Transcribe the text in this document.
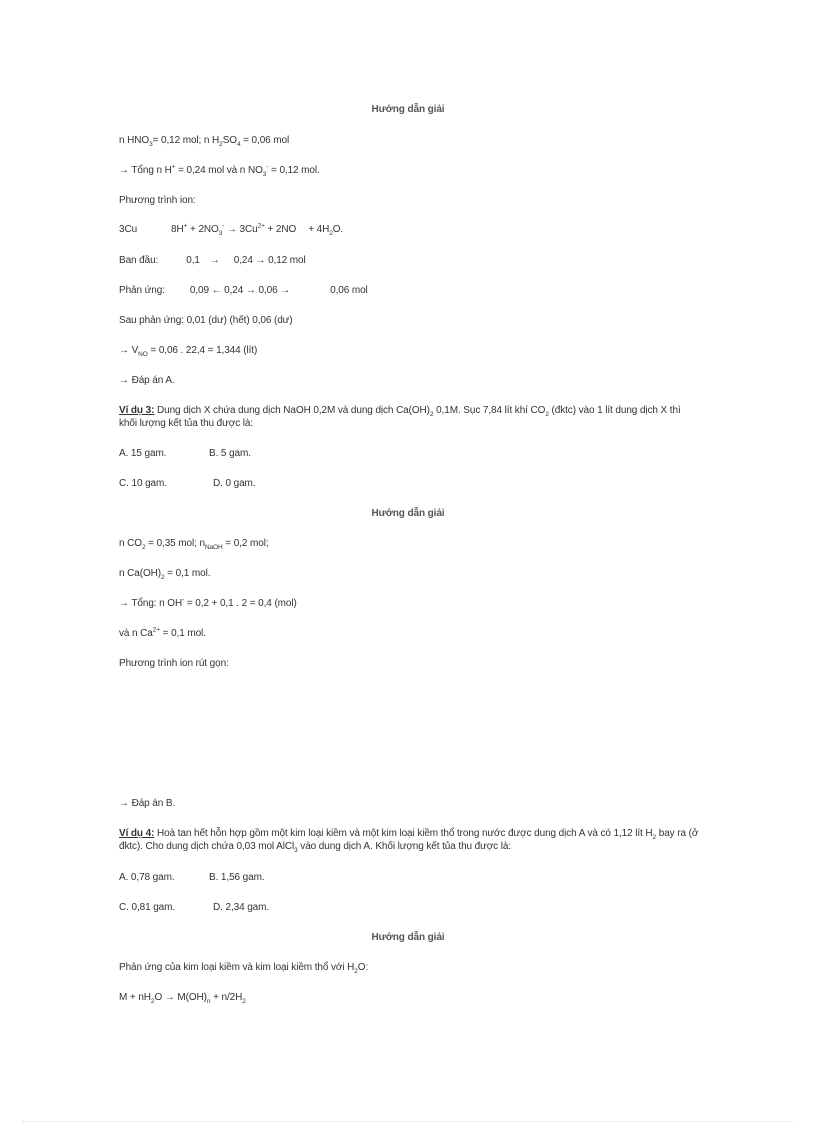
Hướng dẫn giải
n $HNO_3= 0,12$ mol; n $H_2SO_4 = 0,06$ mol
→ Tổng n H+ = 0,24 mol và n $NO_3^- = 0,12$ mol.
Phương trình ion:
3Cu	$8H^+ + 2NO_3^- \to 3Cu^{2+} + 2NO + 4H_2O$.
Ban đầu:	0,1 → 0,24 → 0,12 mol
Phản ứng:	0,09 ← 0,24 → 0,06 →	0,06 mol
Sau phản ứng: 0,01 (dư) (hết) 0,06 (dư)
→ $V_{NO} = 0,06$ . 22,4 = 1,344 (lít)
→ Đáp án A.
Ví dụ 3: Dung dịch X chứa dung dịch NaOH 0,2M và dung dịch $Ca(OH)_2$ 0,1M. Sục 7,84 lít khí $CO_2$ (đktc) vào 1 lít dung dịch X thì khối lượng kết tủa thu được là:
A. 15 gam.	B. 5 gam.
C. 10 gam.	D. 0 gam.
Hướng dẫn giải
n $CO_2 = 0,35$ mol; $n_{NaOH} = 0,2$ mol;
n $Ca(OH)_2 = 0,1$ mol.
→ Tổng: n OH- = 0,2 + 0,1 . 2 = 0,4 (mol)
và n $Ca^{2+} = 0,1$ mol.
Phương trình ion rút gọn:
→ Đáp án B.
Ví dụ 4: Hoà tan hết hỗn hợp gồm một kim loại kiềm và một kim loại kiềm thổ trong nước được dung dịch A và có 1,12 lít $H_2$ bay ra (ở đktc). Cho dung dịch chứa 0,03 mol AlCl$_3$ vào dung dịch A. Khối lượng kết tủa thu được là:
A. 0,78 gam.	B. 1,56 gam.
C. 0,81 gam.	D. 2,34 gam.
Hướng dẫn giải
Phản ứng của kim loại kiềm và kim loại kiềm thổ với $H_2O$:
$M + nH_2O \to M(OH)_n + n/2H_2$
